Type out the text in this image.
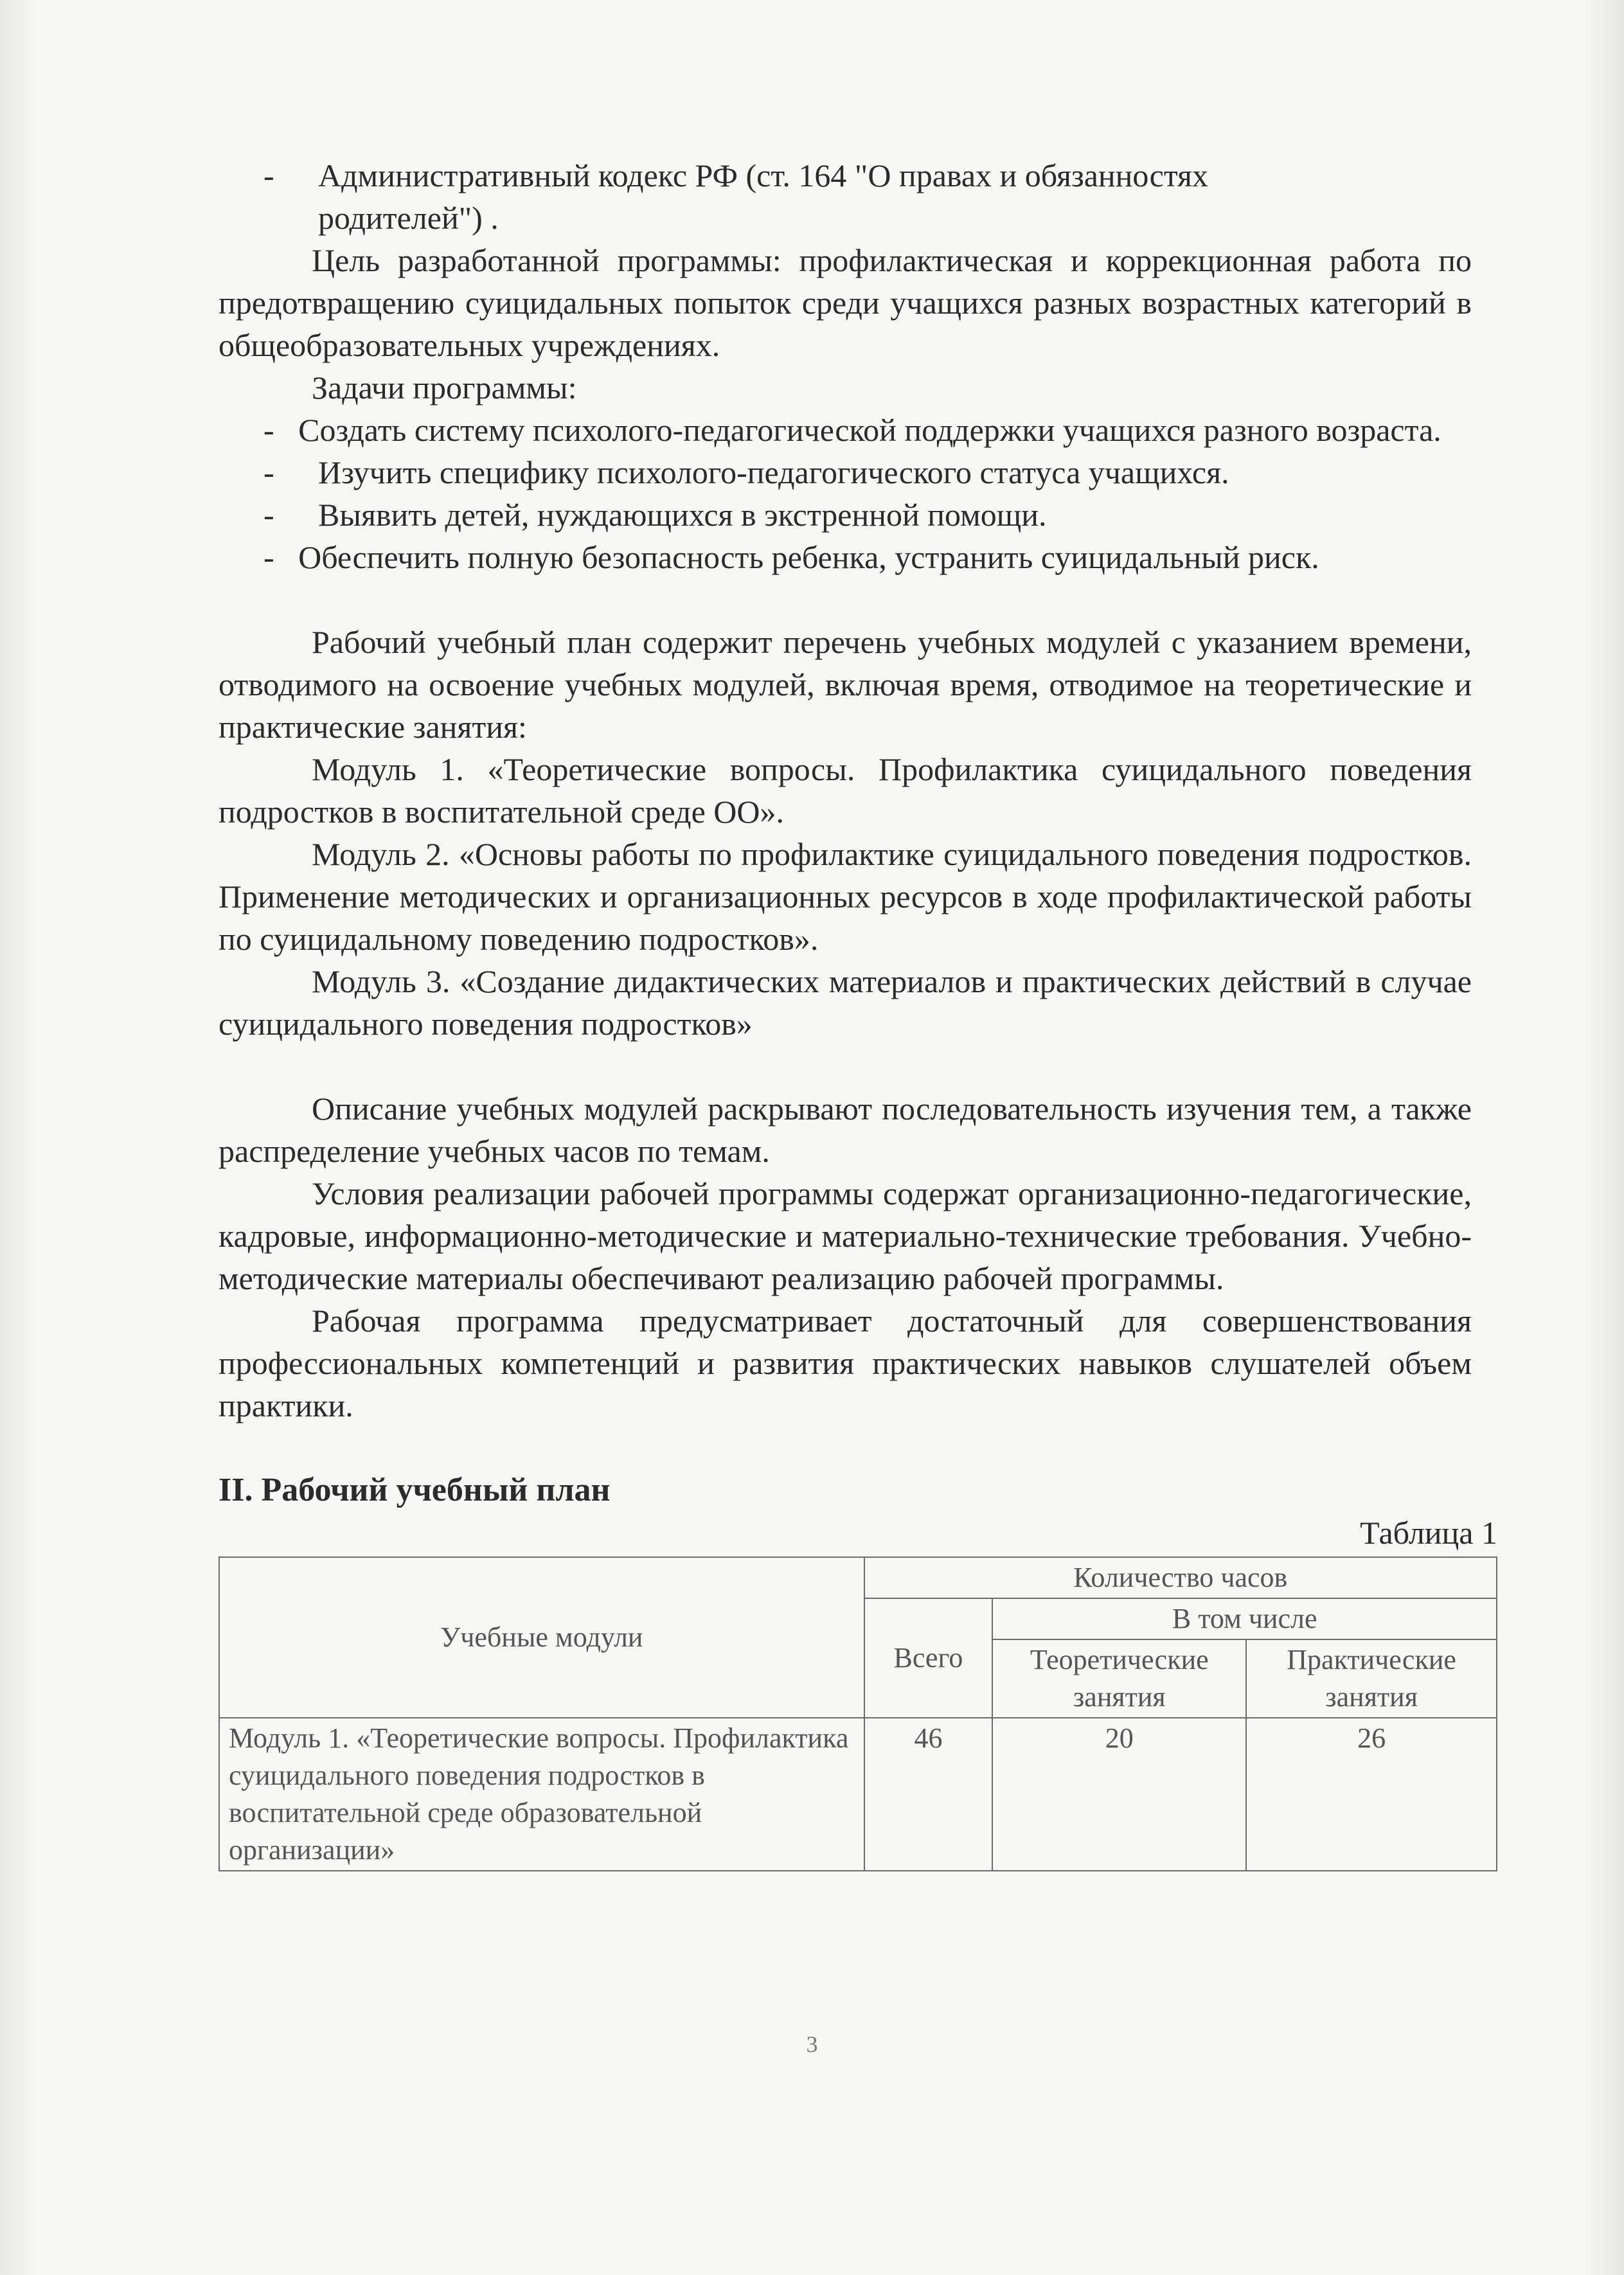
- Административный кодекс РФ (ст. 164 "О правах и обязанностях

родителей") .

Цель разработанной программы: профилактическая и коррекционная работа по предотвращению суицидальных попыток среди учащихся разных возрастных категорий в общеобразовательных учреждениях.

Задачи программы:

-   Создать систему психолого-педагогической поддержки учащихся разного возраста.

- Изучить специфику психолого-педагогического статуса учащихся.

- Выявить детей, нуждающихся в экстренной помощи.

-   Обеспечить полную безопасность ребенка, устранить суицидальный риск.

Рабочий учебный план содержит перечень учебных модулей с указанием времени, отводимого на освоение учебных модулей, включая время, отводимое на теоретические и практические занятия:

Модуль 1. «Теоретические вопросы. Профилактика суицидального поведения подростков в воспитательной среде ОО».

Модуль 2. «Основы работы по профилактике суицидального поведения подростков. Применение методических и организационных ресурсов в ходе профилактической работы по суицидальному поведению подростков».

Модуль 3. «Создание дидактических материалов и практических действий в случае суицидального поведения подростков»

Описание учебных модулей раскрывают последовательность изучения тем, а также распределение учебных часов по темам.

Условия реализации рабочей программы содержат организационно-педагогические, кадровые, информационно-методические и материально-технические требования. Учебно-методические материалы обеспечивают реализацию рабочей программы.

Рабочая программа предусматривает достаточный для совершенствования профессиональных компетенций и развития практических навыков слушателей объем практики.

II. Рабочий учебный план

Таблица 1

Учебные модули	Количество часов		
	Всего	В том числе	
		Теоретические занятия	Практические занятия
Модуль 1. «Теоретические вопросы. Профилактика суицидального поведения подростков в воспитательной среде образовательной организации»	46	20	26
3
